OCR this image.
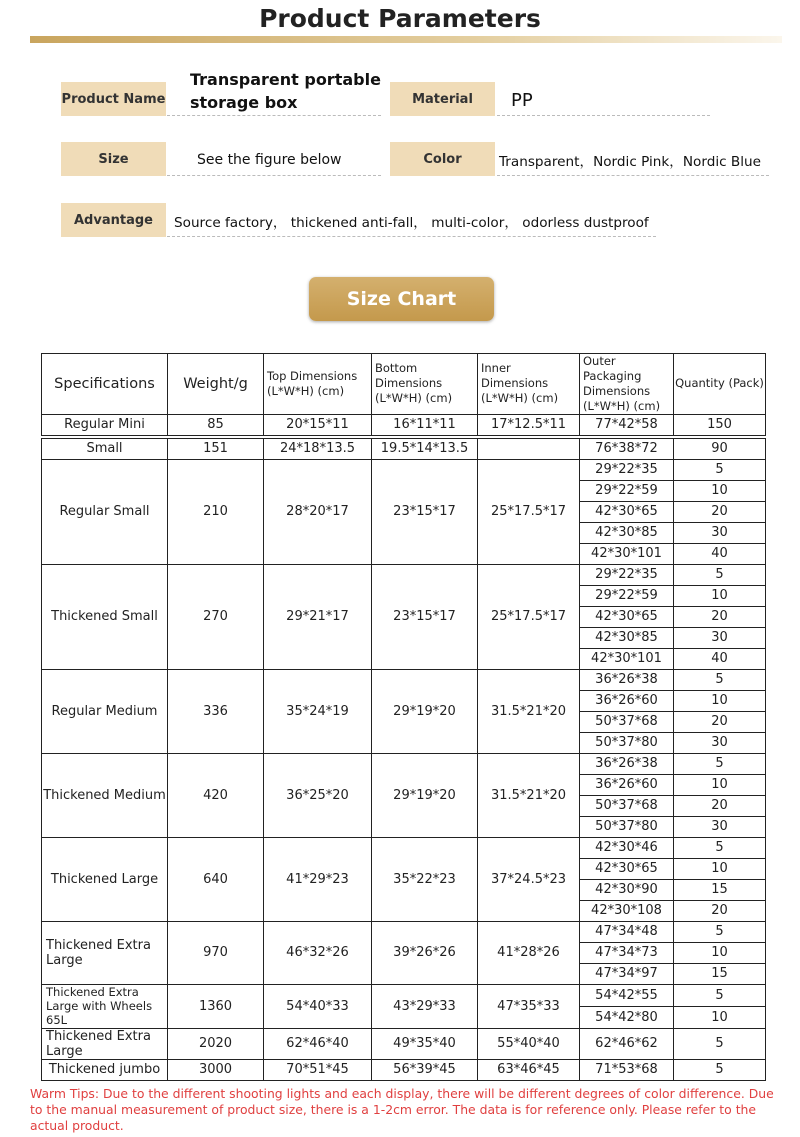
Product Parameters
Product Name
Transparent portable storage box	Material	PP
Size	See the figure below	Color	Transparent，Nordic Pink，Nordic Blue
Advantage	Source factory， thickened anti-fall， multi-color， odorless dustproof
Size Chart
Specifications	Weight/g	Top Dimensions (L*W*H) (cm)	Bottom Dimensions (L*W*H) (cm)	Inner Dimensions (L*W*H) (cm)	Outer Packaging Dimensions (L*W*H) (cm)	Quantity (Pack)
Regular Mini	85	20*15*11	16*11*11	17*12.5*11	77*42*58	150

Small	151	24*18*13.5	19.5*14*13.5		76*38*72	90
Regular Small	210	28*20*17	23*15*17	25*17.5*17	29*22*35	5
					29*22*59	10
					42*30*65	20
					42*30*85	30
					42*30*101	40
Thickened Small	270	29*21*17	23*15*17	25*17.5*17	29*22*35	5
					29*22*59	10
					42*30*65	20
					42*30*85	30
					42*30*101	40
Regular Medium	336	35*24*19	29*19*20	31.5*21*20	36*26*38	5
					36*26*60	10
					50*37*68	20
					50*37*80	30
Thickened Medium	420	36*25*20	29*19*20	31.5*21*20	36*26*38	5
					36*26*60	10
					50*37*68	20
					50*37*80	30
Thickened Large	640	41*29*23	35*22*23	37*24.5*23	42*30*46	5
					42*30*65	10
					42*30*90	15
					42*30*108	20
Thickened Extra Large	970	46*32*26	39*26*26	41*28*26	47*34*48	5
					47*34*73	10
					47*34*97	15
Thickened Extra Large with Wheels 65L	1360	54*40*33	43*29*33	47*35*33	54*42*55	5
					54*42*80	10
Thickened Extra Large	2020	62*46*40	49*35*40	55*40*40	62*46*62	5
Thickened jumbo	3000	70*51*45	56*39*45	63*46*45	71*53*68	5
Warm Tips: Due to the different shooting lights and each display, there will be different degrees of color difference. Due to the manual measurement of product size, there is a 1-2cm error. The data is for reference only. Please refer to the actual product.
